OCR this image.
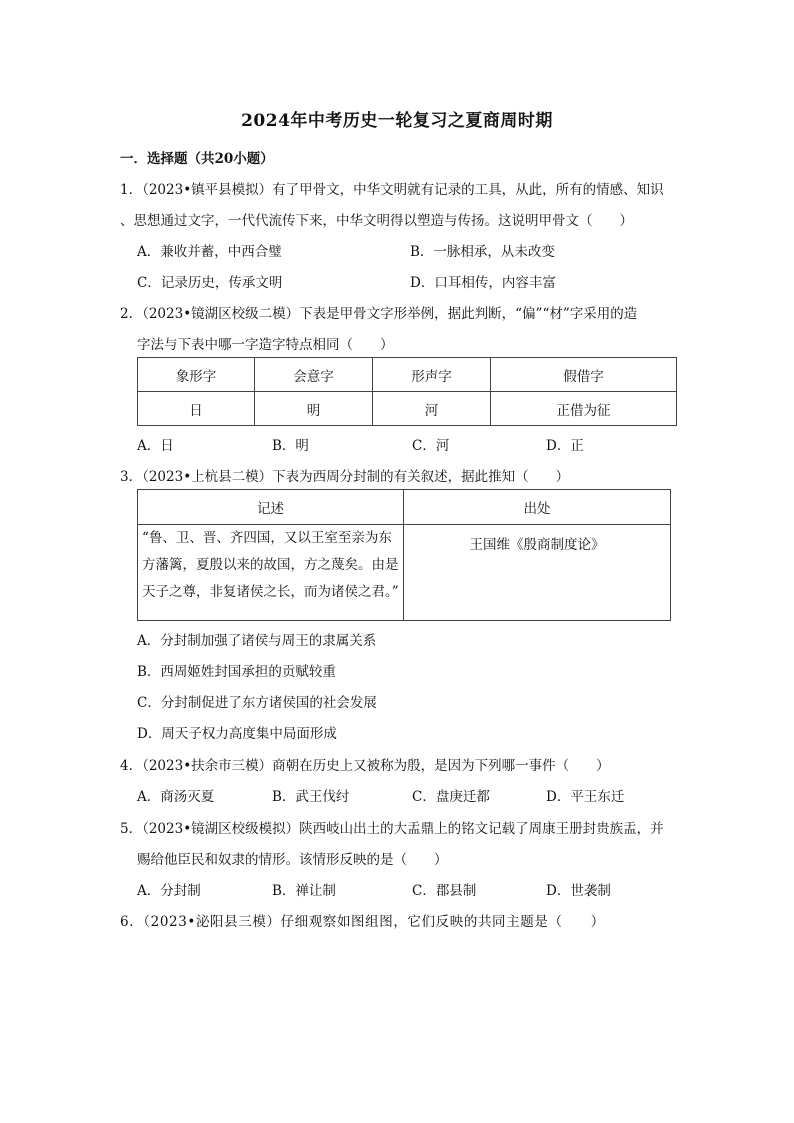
2024年中考历史一轮复习之夏商周时期
一．选择题（共20小题）
1．（2023•镇平县模拟）有了甲骨文，中华文明就有记录的工具，从此，所有的情感、知识
、思想通过文字，一代代流传下来，中华文明得以塑造与传扬。这说明甲骨文（　　）
A．兼收并蓄，中西合璧	B．一脉相承，从未改变
C．记录历史，传承文明	D．口耳相传，内容丰富
2．（2023•镜湖区校级二模）下表是甲骨文字形举例，据此判断，“偏”“材”字采用的造
字法与下表中哪一字造字特点相同（　　）
象形字	会意字	形声字	假借字
日	明	河	正借为征
A．日	B．明	C．河	D．正
3．（2023•上杭县二模）下表为西周分封制的有关叙述，据此推知（　　）
记述	出处
“鲁、卫、晋、齐四国，又以王室至亲为东方藩篱，夏殷以来的故国，方之蔑矣。由是天子之尊，非复诸侯之长，而为诸侯之君。”	王国维《殷商制度论》
A．分封制加强了诸侯与周王的隶属关系
B．西周姬姓封国承担的贡赋较重
C．分封制促进了东方诸侯国的社会发展
D．周天子权力高度集中局面形成
4．（2023•扶余市三模）商朝在历史上又被称为殷，是因为下列哪一事件（　　）
A．商汤灭夏	B．武王伐纣	C．盘庚迁都	D．平王东迁
5．（2023•镜湖区校级模拟）陕西岐山出土的大盂鼎上的铭文记载了周康王册封贵族盂，并
赐给他臣民和奴隶的情形。该情形反映的是（　　）
A．分封制	B．禅让制	C．郡县制	D．世袭制
6．（2023•泌阳县三模）仔细观察如图组图，它们反映的共同主题是（　　）
